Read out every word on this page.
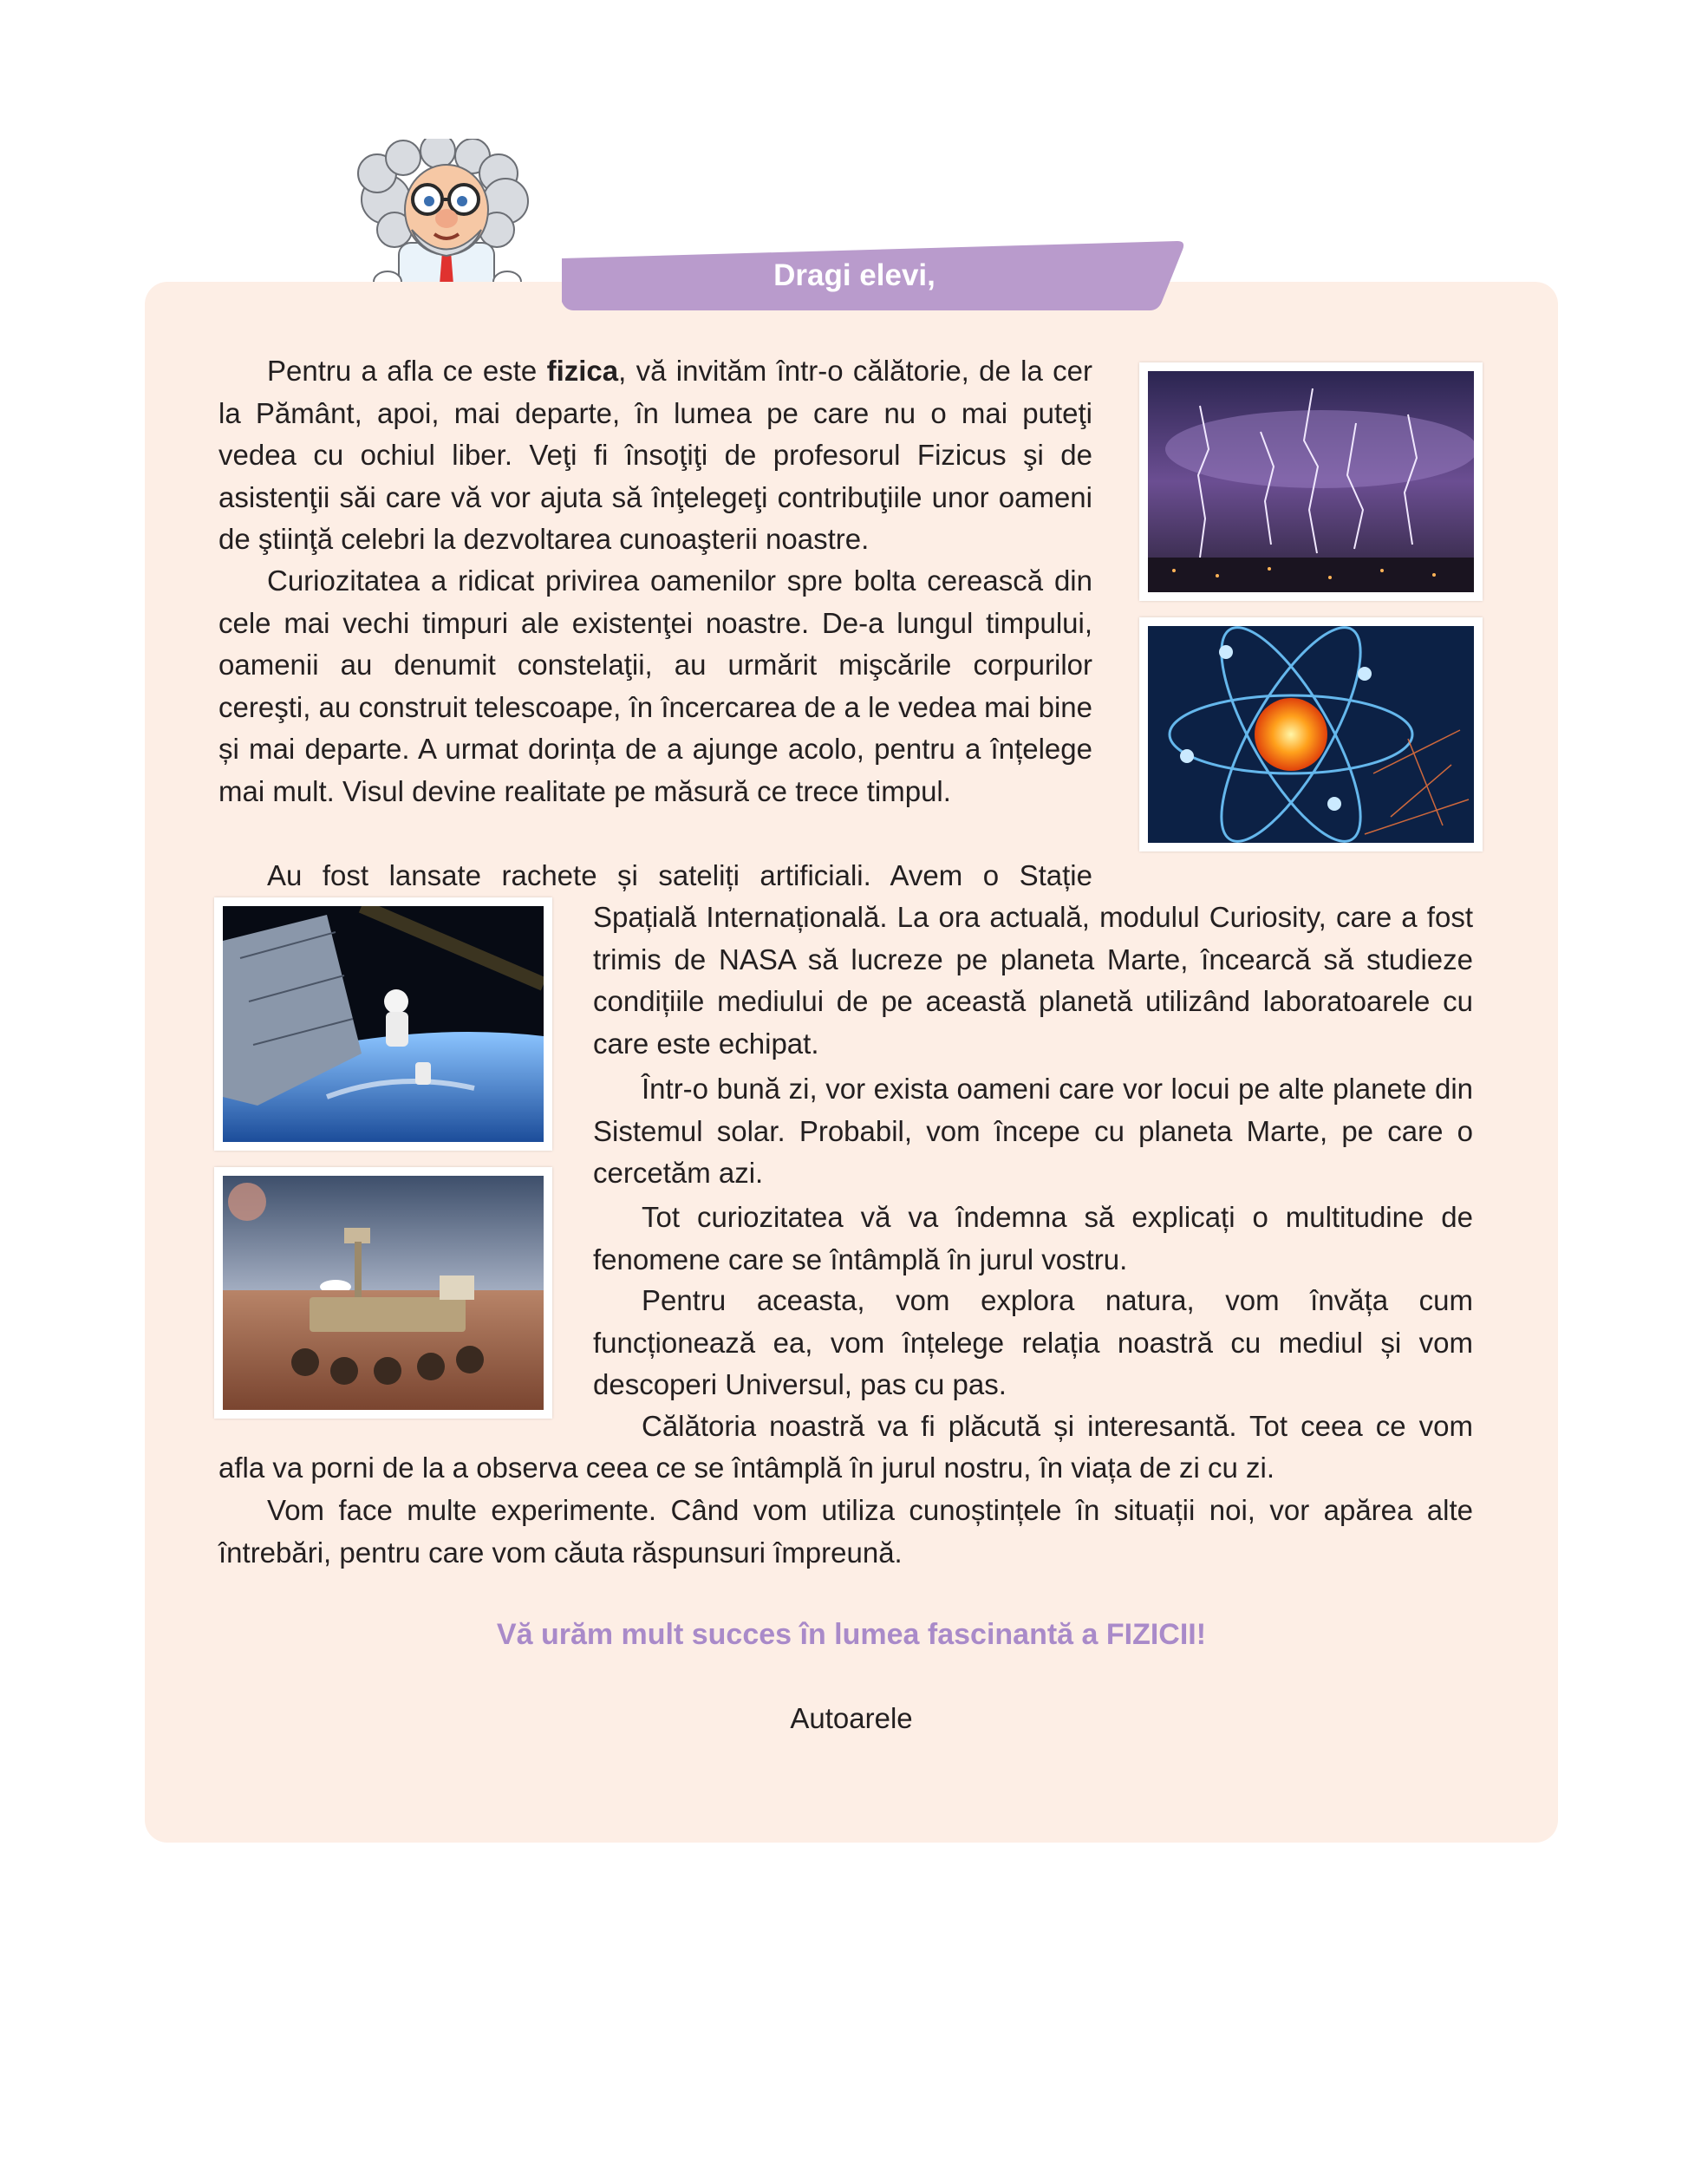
Dragi elevi,

Pentru a afla ce este fizica, vă invităm într-o călătorie, de la cer la Pământ, apoi, mai departe, în lumea pe care nu o mai puteţi vedea cu ochiul liber. Veţi fi însoţiţi de profesorul Fizicus şi de asistenţii săi care vă vor ajuta să înţelegeţi contribuţiile unor oameni de ştiinţă celebri la dezvoltarea cunoaşterii noastre.

Curiozitatea a ridicat privirea oamenilor spre bolta cerească din cele mai vechi timpuri ale existenţei noastre. De-a lungul timpului, oamenii au denumit constelaţii, au urmărit mişcările corpurilor cereşti, au construit telescoape, în încercarea de a le vedea mai bine și mai departe. A urmat dorința de a ajunge acolo, pentru a înțelege mai mult. Visul devine realitate pe măsură ce trece timpul.

Au fost lansate rachete și sateliți artificiali. Avem o Stație

Spațială Internațională. La ora actuală, modulul Curiosity, care a fost trimis de NASA să lucreze pe planeta Marte, încearcă să studieze condițiile mediului de pe această planetă utilizând laboratoarele cu care este echipat.

Într-o bună zi, vor exista oameni care vor locui pe alte planete din Sistemul solar. Probabil, vom începe cu planeta Marte, pe care o cercetăm azi.

Tot curiozitatea vă va îndemna să explicați o multitudine de fenomene care se întâmplă în jurul vostru.

Pentru aceasta, vom explora natura, vom învăța cum funcționează ea, vom înțelege relația noastră cu mediul și vom descoperi Universul, pas cu pas.

Călătoria noastră va fi plăcută și interesantă. Tot ceea ce vom

afla va porni de la a observa ceea ce se întâmplă în jurul nostru, în viața de zi cu zi.

Vom face multe experimente. Când vom utiliza cunoștințele în situații noi, vor apărea alte întrebări, pentru care vom căuta răspunsuri împreună.

Vă urăm mult succes în lumea fascinantă a FIZICII!

Autoarele
